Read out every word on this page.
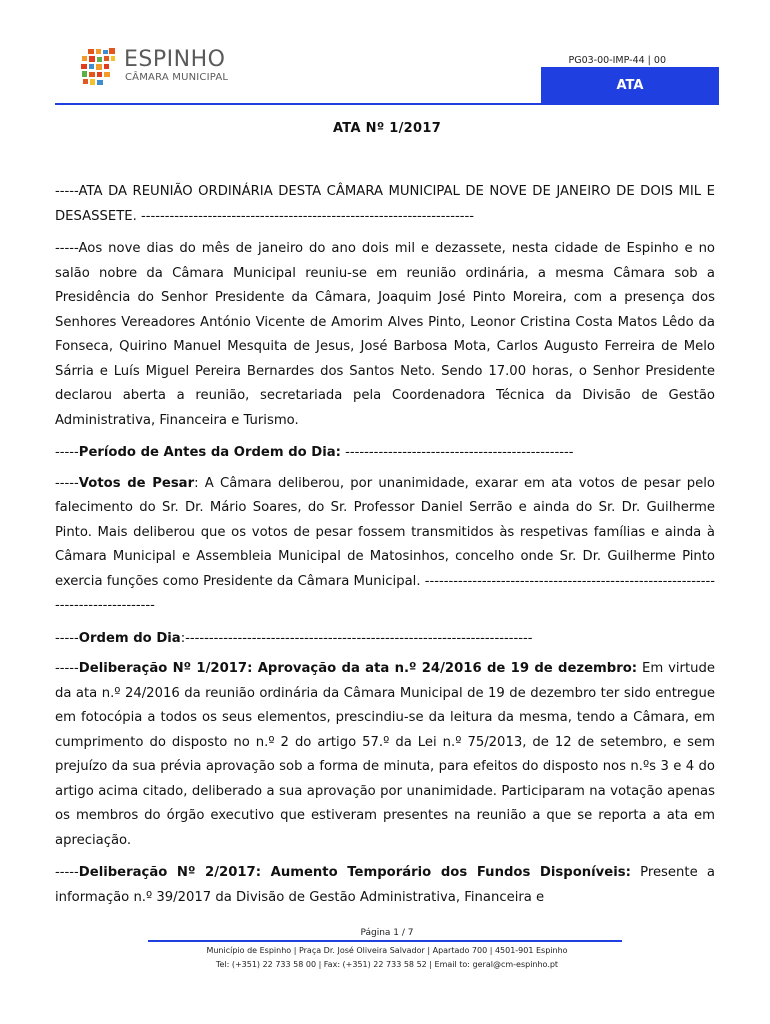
ESPINHO
CÂMARA MUNICIPAL
PG03-00-IMP-44 | 00
ATA
ATA Nº 1/2017

-----ATA DA REUNIÃO ORDINÁRIA DESTA CÂMARA MUNICIPAL DE NOVE DE JANEIRO DE DOIS MIL E DESASSETE. ----------------------------------------------------------------------

-----Aos nove dias do mês de janeiro do ano dois mil e dezassete, nesta cidade de Espinho e no salão nobre da Câmara Municipal reuniu-se em reunião ordinária, a mesma Câmara sob a Presidência do Senhor Presidente da Câmara, Joaquim José Pinto Moreira, com a presença dos Senhores Vereadores António Vicente de Amorim Alves Pinto, Leonor Cristina Costa Matos Lêdo da Fonseca, Quirino Manuel Mesquita de Jesus, José Barbosa Mota, Carlos Augusto Ferreira de Melo Sárria e Luís Miguel Pereira Bernardes dos Santos Neto. Sendo 17.00 horas, o Senhor Presidente declarou aberta a reunião, secretariada pela Coordenadora Técnica da Divisão de Gestão Administrativa, Financeira e Turismo.

-----Período de Antes da Ordem do Dia: ------------------------------------------------

-----Votos de Pesar: A Câmara deliberou, por unanimidade, exarar em ata votos de pesar pelo falecimento do Sr. Dr. Mário Soares, do Sr. Professor Daniel Serrão e ainda do Sr. Dr. Guilherme Pinto. Mais deliberou que os votos de pesar fossem transmitidos às respetivas famílias e ainda à Câmara Municipal e Assembleia Municipal de Matosinhos, concelho onde Sr. Dr. Guilherme Pinto exercia funções como Presidente da Câmara Municipal. ----------------------------------------------------------------------------------

-----Ordem do Dia:-------------------------------------------------------------------------

-----Deliberação Nº 1/2017: Aprovação da ata n.º 24/2016 de 19 de dezembro: Em virtude da ata n.º 24/2016 da reunião ordinária da Câmara Municipal de 19 de dezembro ter sido entregue em fotocópia a todos os seus elementos, prescindiu-se da leitura da mesma, tendo a Câmara, em cumprimento do disposto no n.º 2 do artigo 57.º da Lei n.º 75/2013, de 12 de setembro, e sem prejuízo da sua prévia aprovação sob a forma de minuta, para efeitos do disposto nos n.ºs 3 e 4 do artigo acima citado, deliberado a sua aprovação por unanimidade. Participaram na votação apenas os membros do órgão executivo que estiveram presentes na reunião a que se reporta a ata em apreciação.

-----Deliberação Nº 2/2017: Aumento Temporário dos Fundos Disponíveis: Presente a informação n.º 39/2017 da Divisão de Gestão Administrativa, Financeira e

Página 1 / 7
Município de Espinho | Praça Dr. José Oliveira Salvador | Apartado 700 | 4501-901 Espinho
Tel: (+351) 22 733 58 00 | Fax: (+351) 22 733 58 52 | Email to: geral@cm-espinho.pt
